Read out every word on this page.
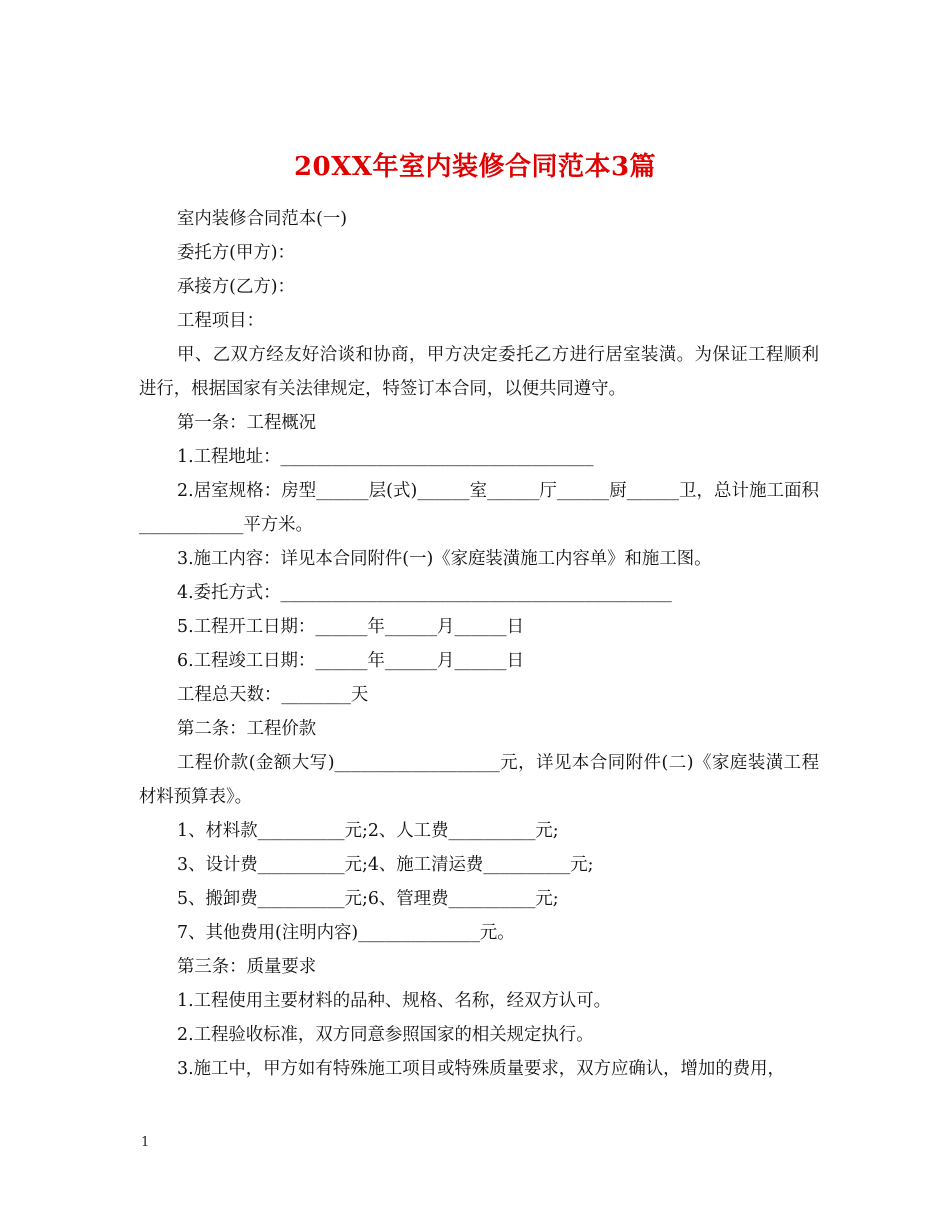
20XX年室内装修合同范本3篇

室内装修合同范本(一)

委托方(甲方)：

承接方(乙方)：

工程项目：

甲、乙双方经友好洽谈和协商，甲方决定委托乙方进行居室装潢。为保证工程顺利进行，根据国家有关法律规定，特签订本合同，以便共同遵守。

第一条：工程概况

1.工程地址：____________________________________

2.居室规格：房型______层(式)______室______厅______厨______卫，总计施工面积____________平方米。

3.施工内容：详见本合同附件(一)《家庭装潢施工内容单》和施工图。

4.委托方式：_____________________________________________

5.工程开工日期：______年______月______日

6.工程竣工日期：______年______月______日

工程总天数：________天

第二条：工程价款

工程价款(金额大写)___________________元，详见本合同附件(二)《家庭装潢工程材料预算表》。

1、材料款__________元;2、人工费__________元;

3、设计费__________元;4、施工清运费__________元;

5、搬卸费__________元;6、管理费__________元;

7、其他费用(注明内容)______________元。

第三条：质量要求

1.工程使用主要材料的品种、规格、名称，经双方认可。

2.工程验收标准，双方同意参照国家的相关规定执行。

3.施工中，甲方如有特殊施工项目或特殊质量要求，双方应确认，增加的费用，

1
